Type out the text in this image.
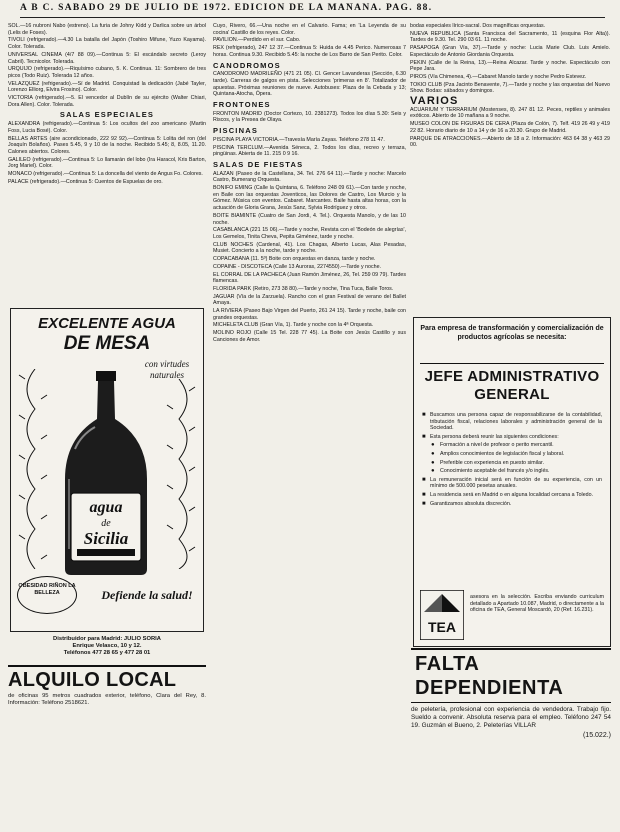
A B C. SABADO 29 DE JULIO DE 1972. EDICION DE LA MAÑANA. PAG. 88.

SOL.—16 nubroni Nabo (estreno). La furia de Johny Kidd y Darlica sobre un árbol (Lelis de Foses).

TIVOLI (refrigerado).—4.30 La batalla del Japón (Toshiro Mifune, Yuzo Kayama). Color. Tolerada.

UNIVERSAL CINEMA (4/7 88 09).—Continua 5: El escándalo secreto (Leroy Cabril). Tecnicolor. Tolerada.

URQUIJO (refrigerado).—Riquísimo cubano, 5. K. Continua. 11: Sombrero de tres picos (Todo Ruiz). Tolerada 12 años.

VELAZQUEZ (refrigerado).—Sí de Madrid. Conquistad la dedicación (Jabé Tayler, Lorenzo Elliorg, Elvira Frosino). Color.

VICTORIA (refrigerado).—5. El vencedor al Dublín de su ejército (Walter Chiari, Dora Allen). Color. Tolerada.

SALAS ESPECIALES

ALEXANDRA (refrigerado).—Continua 5: Los ocultos del zoo americano (Martin Foss, Lucia Bosé). Color.

BELLAS ARTES (aire acondicionado, 222 92 92).—Continua 5: Lolita del ron (del Joaquín Bolaños). Pases 5.45, 9 y 10 de la noche. Recibido 5.45; 8, 8.05, 11.20. Calones abiertos. Colores.

GALILEO (refrigerado).—Continua 5: Lo llamarán del lobo (Ira Haracol, Kris Barton, Jorg Mariel). Color.

MONACO (refrigerado).—Continua 5: La doncella del viento de Angus Fo. Colores.

PALACE (refrigerado).—Continua 5: Cuentos de Espuelas de oro.

EXCELENTE AGUA
DE MESA
con virtudes naturales
agua
de
Sicilia
OBESIDAD RIÑON LA BELLEZA	Defiende la salud!
Distribuidor para Madrid: JULIO SORIA
Enrique Velasco, 10 y 12.
Teléfonos 477 28 65 y 477 28 01
ALQUILO LOCAL
de oficinas 95 metros cuadrados exterior, teléfono, Clara del Rey, 8. Información: Teléfono 2518621.

Cuyo, Rivero, 66.—Una noche en el Calvario. Fama; en 'La Leyenda de su cocina' Castillo de los reyes. Color.

PAVILION.—Perdido en el sur. Cabo.

REX (refrigerado), 247 12 37.—Continua 5: Huida de 4.45 Perico. Numerosas 7 horas. Continua 9.30. Recibido 5.45: la noche de Los Barro de San Perito. Color.

CANODROMOS

CANODROMO MADRILEÑO (471 21 05). Cl. Gencer Lavanderas (Sección, 6.30 tarde). Carreras de galgos en pista. Selecciones 'primeras en 8'. Totalizador de apuestas. Próximas reuniones de nueve. Autobuses: Plaza de la Cebada y 13; Quintana-Atocha, Ópera.

FRONTONES

FRONTON MADRID (Doctor Cortezo, 10. 2381273). Todos los días 5.30: Seis y Riscos, y la Presea de Olaya.

PISCINAS

PISCINA PLAYA VICTORIA.—Travesía María Zayas. Teléfono 278 11 47.

PISCINA TERCLUM.—Avenida Séneca, 2. Todos los días, recreo y terraza, pingüinas. Abierta de 11. 215 0 9 16.

SALAS DE FIESTAS

ALAZAN (Paseo de la Castellana, 34. Tel. 276 64 11).—Tarde y noche: Marcelo Castro, Bumerang Orquesta.

BONIFO EMING (Calle la Quintana, 6. Teléfono 248 09 61).—Con tarde y noche, en Baile con las orquestas Joventicos, las Dolores de Castro, Los Murcio y la Gómez. Música con eventos. Cabaret. Marcantes. Baile hasta altas horas, con la actuación de Gloria Grana, Jesús Sanz, Sylvia Rodríguez y otros.

BOITE BIAMINTE (Cuatro de San Jordi, 4. Tel.). Orquesta Manolo, y de las 10 noche.

CASABLANCA (221 15 06).—Tarde y noche, Revista con el 'Bodeón de alegrías', Los Gemelos, Tinita Cheva, Pepita Giménez, tarde y noche.

CLUB NOCHES (Cardenal, 41). Los Chagas, Alberto Lucas, Alas Pesadas, Musiet. Concierto a la noche, tarde y noche.

COPACABANA (11. 5º) Boite con orquestas en danza, tarde y noche.

COPAINE - DISCOTECA (Calle 13 Auroras, 2274550).—Tarde y noche.

EL CORRAL DE LA PACHECA (Juan Ramón Jiménez, 26, Tel. 259 09 79). Tardes flamencas.

FLORIDA PARK (Retiro, 273 38 80).—Tarde y noche, Tina Tuca, Baile Toros.

JAGUAR (Vía de la Zarzuela). Rancho con el gran Festival de verano del Ballet Amaya.

LA RIVIERA (Paseo Bajo Virgen del Puerto, 261 24 15). Tarde y noche, baile con grandes orquestas.

MICHELETA CLUB (Gran Vía, 1). Tarde y noche con la 4ª Orquesta.

MOLINO ROJO (Calle 15 Tel. 228 77 45). La Boite con Jesús Castillo y sus Canciones de Amor.

bodas especiales lírico-sacral. Dos magníficas orquestas.

NUEVA REPUBLICA (Santa Francisca del Sacramento, 11 (esquina Flor Alta)). Tardes de 9.30. Tel. 290 03 61. 11 noche.

PASAPOGA (Gran Vía, 37).—Tarde y noche: Lucia Marie Club. Luis Amielo. Espectáculo de Antonio Giordania Orquesta.

PEKIN (Calle de la Reina, 13).—Reina Alcazar. Tarde y noche. Espectáculo con Pepe Jara.

PIROS (Vía Chimenea, 4).—Cabaret Manolo tarde y noche Pedro Estevez.

TOKIO CLUB (Pza Jacinto Benavente, 7).—Tarde y noche y las orquestas del Nuevo Show. Bodas: sábados y domingos.

VARIOS

ACUARIUM Y TERRARIUM (Mostenses, 8). 247 81 12. Peces, reptiles y animales exóticos. Abierto de 10 mañana a 9 noche.

MUSEO COLON DE FIGURAS DE CERA (Plaza de Colón, 7). Telf. 419 26 49 y 419 22 82. Horario diario de 10 a 14 y de 16 a 20.30. Grupo de Madrid.

PARQUE DE ATRACCIONES.—Abierto de 18 a 2. Información: 463 64 38 y 463 29 00.

Para empresa de transformación y comercialización de productos agrícolas se necesita:
JEFE ADMINISTRATIVO GENERAL
■ Buscamos una persona capaz de responsabilizarse de la contabilidad, tributación fiscal, relaciones laborales y administración general de la Sociedad.
■ Esta persona deberá reunir las siguientes condiciones:
● Formación a nivel de profesor o perito mercantil.
● Amplios conocimientos de legislación fiscal y laboral.
● Preferible con experiencia en puesto similar.
● Conocimiento aceptable del francés y/o inglés.
■ La remuneración inicial será en función de su experiencia, con un mínimo de 500.000 pesetas anuales.
■ La residencia será en Madrid o en alguna localidad cercana a Toledo.
■ Garantizamos absoluta discreción.
TEA
asesora en la selección. Escriba enviando curriculum detallado a Apartado 10.087, Madrid, o directamente a la oficina de TEA, General Moscardó, 20 (Ref. 16.231).
FALTA DEPENDIENTA
de peletería, profesional con experiencia de vendedora. Trabajo fijo. Sueldo a convenir. Absoluta reserva para el empleo. Teléfono 247 54 19. Guzmán el Bueno, 2. Peleterías VILLAR
(15.022.)
